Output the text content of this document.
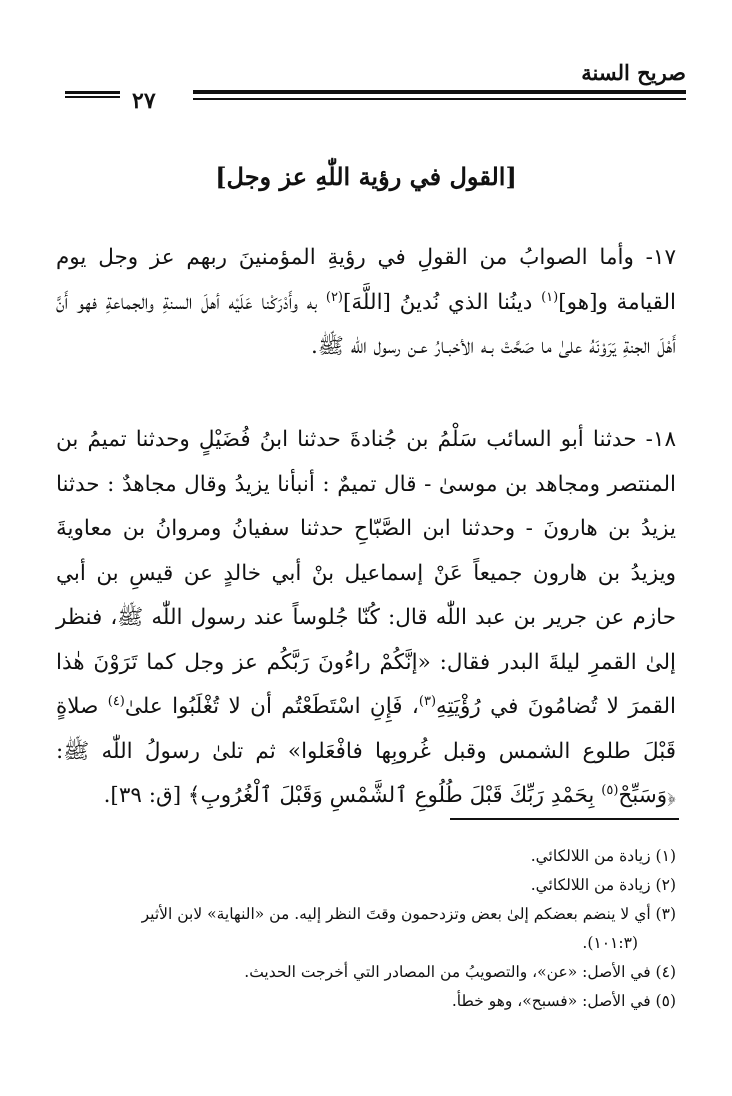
صريح السنة
٢٧
[القول في رؤية اللّٰهِ عز وجل]

١٧- وأما الصوابُ من القولِ في رؤيةِ المؤمنينَ ربهم عز وجل يوم القيامة و[هو]$^{(١)}$ دينُنا الذي نُدينُ [اللَّهَ]$^{(٢)}$ به وأَدْرَكْنا عَلَيْه أهلَ السنةِ والجماعةِ فهو أَنَّ أَهْلَ الجنةِ يَرَوْنَهُ علىٰ ما صَحَّتْ بـه الأخبـارُ عـن رسول اللّٰه ﷺ.

١٨- حدثنا أبو السائب سَلْمُ بن جُنادةَ حدثنا ابنُ فُضَيْلٍ وحدثنا تميمُ بن المنتصر ومجاهد بن موسىٰ - قال تميمٌ : أنبأنا يزيدُ وقال مجاهدٌ : حدثنا يزيدُ بن هارونَ - وحدثنا ابن الصَّبّاحِ حدثنا سفيانُ ومروانُ بن معاويةَ ويزيدُ بن هارون جميعاً عَنْ إسماعيل بنْ أبي خالدٍ عن قيسِ بن أبي حازم عن جرير بن عبد اللّٰه قال: كُنّا جُلوساً عند رسول اللّٰه ﷺ، فنظر إلىٰ القمرِ ليلةَ البدر فقال: «إنَّكُمْ راءُونَ رَبَّكُم عز وجل كما تَرَوْنَ هٰذا القمرَ لا تُضامُونَ في رُؤْيَتِهِ$^{(٣)}$، فَإِنِ اسْتَطَعْتُم أن لا تُغْلَبُوا علىٰ$^{(٤)}$ صلاةٍ قَبْلَ طلوع الشمس وقبل غُروبِها فافْعَلوا» ثم تلىٰ رسولُ اللّٰه ﷺ: ﴿وَسَبِّحْ$^{(٥)}$ بِحَمْدِ رَبِّكَ قَبْلَ طُلُوعِ ٱلشَّمْسِ وَقَبْلَ ٱلْغُرُوبِ﴾ [ق: ٣٩].

(١) زيادة من اللالكائي.

(٢) زيادة من اللالكائي.

(٣) أي لا ينضم بعضكم إلىٰ بعض وتزدحمون وقتَ النظر إليه. من «النهاية» لابن الأثير

(١٠١:٣).

(٤) في الأصل: «عن»، والتصويبُ من المصادر التي أخرجت الحديث.

(٥) في الأصل: «فسبح»، وهو خطأ.
